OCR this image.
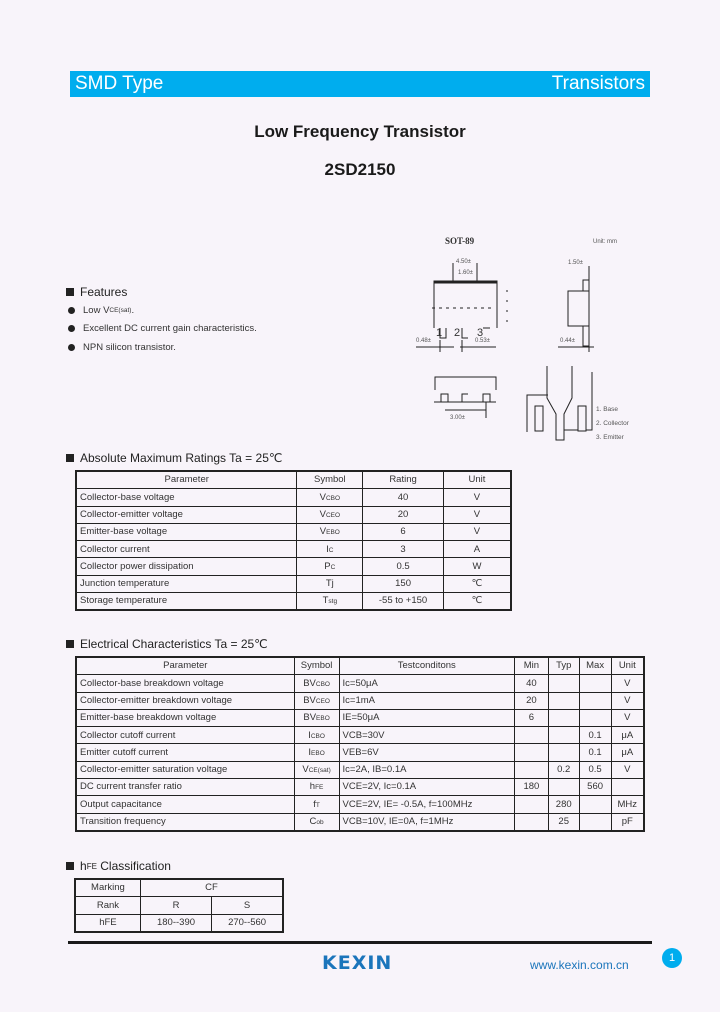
SMD Type	Transistors
Low Frequency Transistor
2SD2150
Features
Low V CE(sat) .
Excellent DC current gain characteristics.
NPN silicon transistor.
SOT-89	Unit: mm
4.50±
1.60±
1.50±
0.48±	0.53±	0.44±
3.00±
1 2 3
1. Base
2. Collector
3. Emitter
Absolute Maximum Ratings Ta = 25℃
Parameter	Symbol	Rating	Unit
Collector-base voltage	VCBO	40	V
Collector-emitter voltage	VCEO	20	V
Emitter-base voltage	VEBO	6	V
Collector current	IC	3	A
Collector power dissipation	PC	0.5	W
Junction temperature	Tj	150	℃
Storage temperature	Tstg	-55 to +150	℃
Electrical Characteristics Ta = 25℃
Parameter	Symbol	Testconditons	Min	Typ	Max	Unit
Collector-base breakdown voltage	BVCBO	Ic=50μA	40			V
Collector-emitter breakdown voltage	BVCEO	Ic=1mA	20			V
Emitter-base breakdown voltage	BVEBO	IE=50μA	6			V
Collector cutoff current	ICBO	VCB=30V			0.1	μA
Emitter cutoff current	IEBO	VEB=6V			0.1	μA
Collector-emitter saturation voltage	VCE(sat)	Ic=2A, IB=0.1A		0.2	0.5	V
DC current transfer ratio	hFE	VCE=2V, Ic=0.1A	180		560	
Output capacitance	fT	VCE=2V, IE= -0.5A, f=100MHz		280		MHz
Transition frequency	Cob	VCB=10V, IE=0A, f=1MHz		25		pF
h FE Classification
Marking	CF	
Rank	R	S
hFE	180--390	270--560
KEXIN	www.kexin.com.cn	1
